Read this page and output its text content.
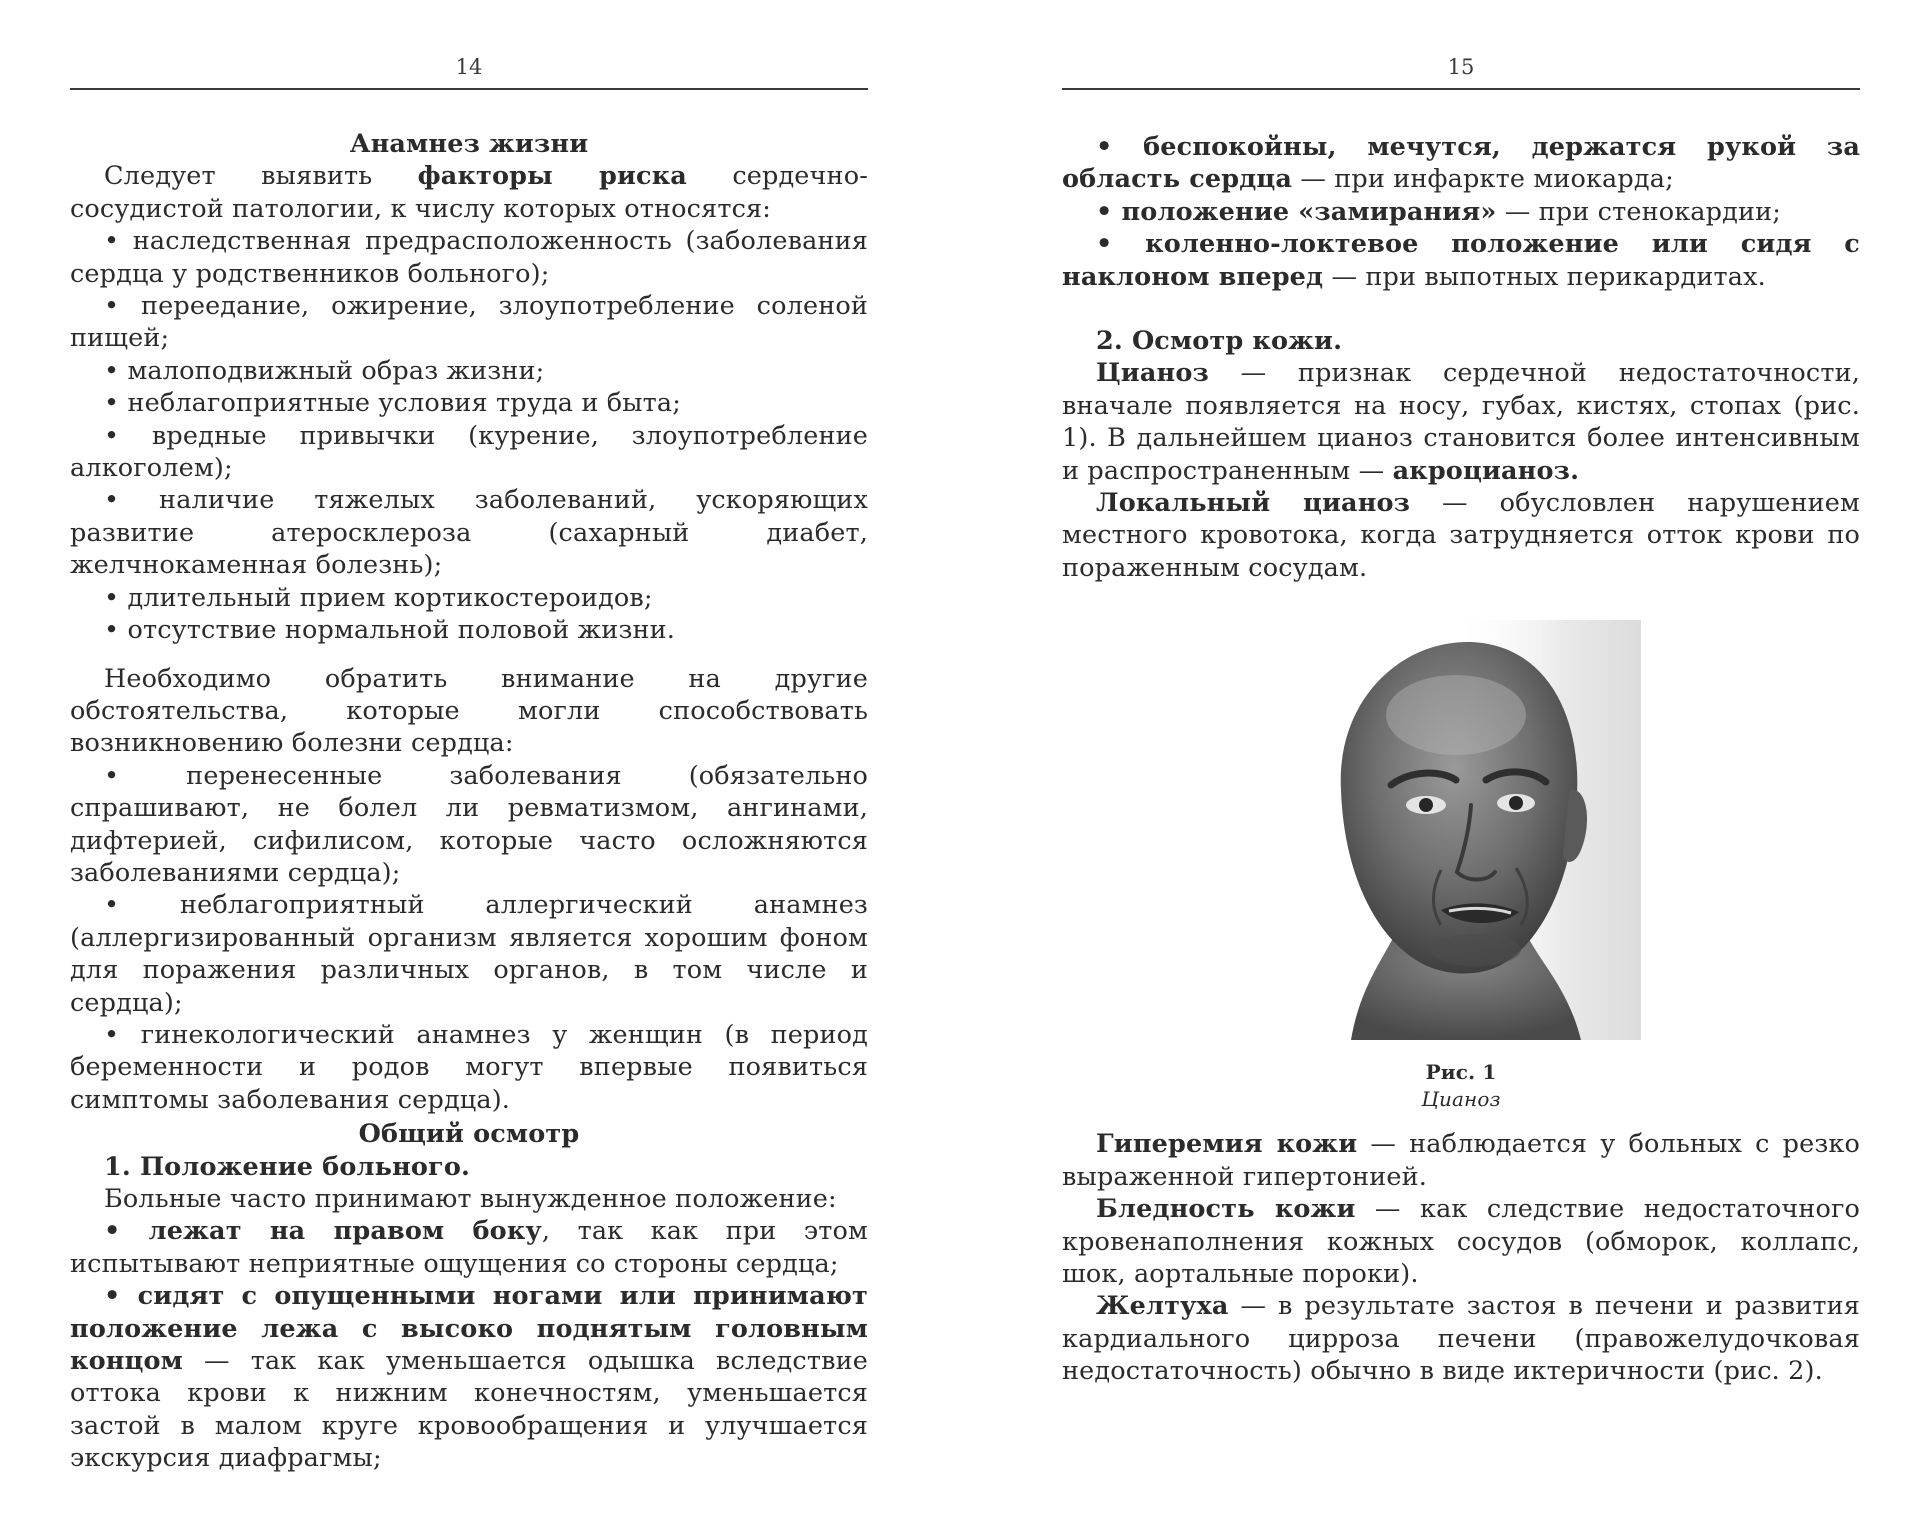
14

Анамнез жизни

Следует выявить факторы риска сердечно-сосудистой патологии, к числу которых относятся:

• наследственная предрасположенность (заболевания сердца у родственников больного);

• переедание, ожирение, злоупотребление соленой пищей;

• малоподвижный образ жизни;

• неблагоприятные условия труда и быта;

• вредные привычки (курение, злоупотребление алкоголем);

• наличие тяжелых заболеваний, ускоряющих развитие атеросклероза (сахарный диабет, желчнокаменная болезнь);

• длительный прием кортикостероидов;

• отсутствие нормальной половой жизни.

Необходимо обратить внимание на другие обстоятельства, которые могли способствовать возникновению болезни сердца:

• перенесенные заболевания (обязательно спрашивают, не болел ли ревматизмом, ангинами, дифтерией, сифилисом, которые часто осложняются заболеваниями сердца);

• неблагоприятный аллергический анамнез (аллергизированный организм является хорошим фоном для поражения различных органов, в том числе и сердца);

• гинекологический анамнез у женщин (в период беременности и родов могут впервые появиться симптомы заболевания сердца).

Общий осмотр

1. Положение больного.

Больные часто принимают вынужденное положение:

• лежат на правом боку, так как при этом испытывают неприятные ощущения со стороны сердца;

• сидят с опущенными ногами или принимают положение лежа с высоко поднятым головным концом — так как уменьшается одышка вследствие оттока крови к нижним конечностям, уменьшается застой в малом круге кровообращения и улучшается экскурсия диафрагмы;

15

• беспокойны, мечутся, держатся рукой за область сердца — при инфаркте миокарда;

• положение «замирания» — при стенокардии;

• коленно-локтевое положение или сидя с наклоном вперед — при выпотных перикардитах.

2. Осмотр кожи.

Цианоз — признак сердечной недостаточности, вначале появляется на носу, губах, кистях, стопах (рис. 1). В дальнейшем цианоз становится более интенсивным и распространенным — акроцианоз.

Локальный цианоз — обусловлен нарушением местного кровотока, когда затрудняется отток крови по пораженным сосудам.

Рис. 1
Цианоз

Гиперемия кожи — наблюдается у больных с резко выраженной гипертонией.

Бледность кожи — как следствие недостаточного кровенаполнения кожных сосудов (обморок, коллапс, шок, аортальные пороки).

Желтуха — в результате застоя в печени и развития кардиального цирроза печени (правожелудочковая недостаточность) обычно в виде иктеричности (рис. 2).
